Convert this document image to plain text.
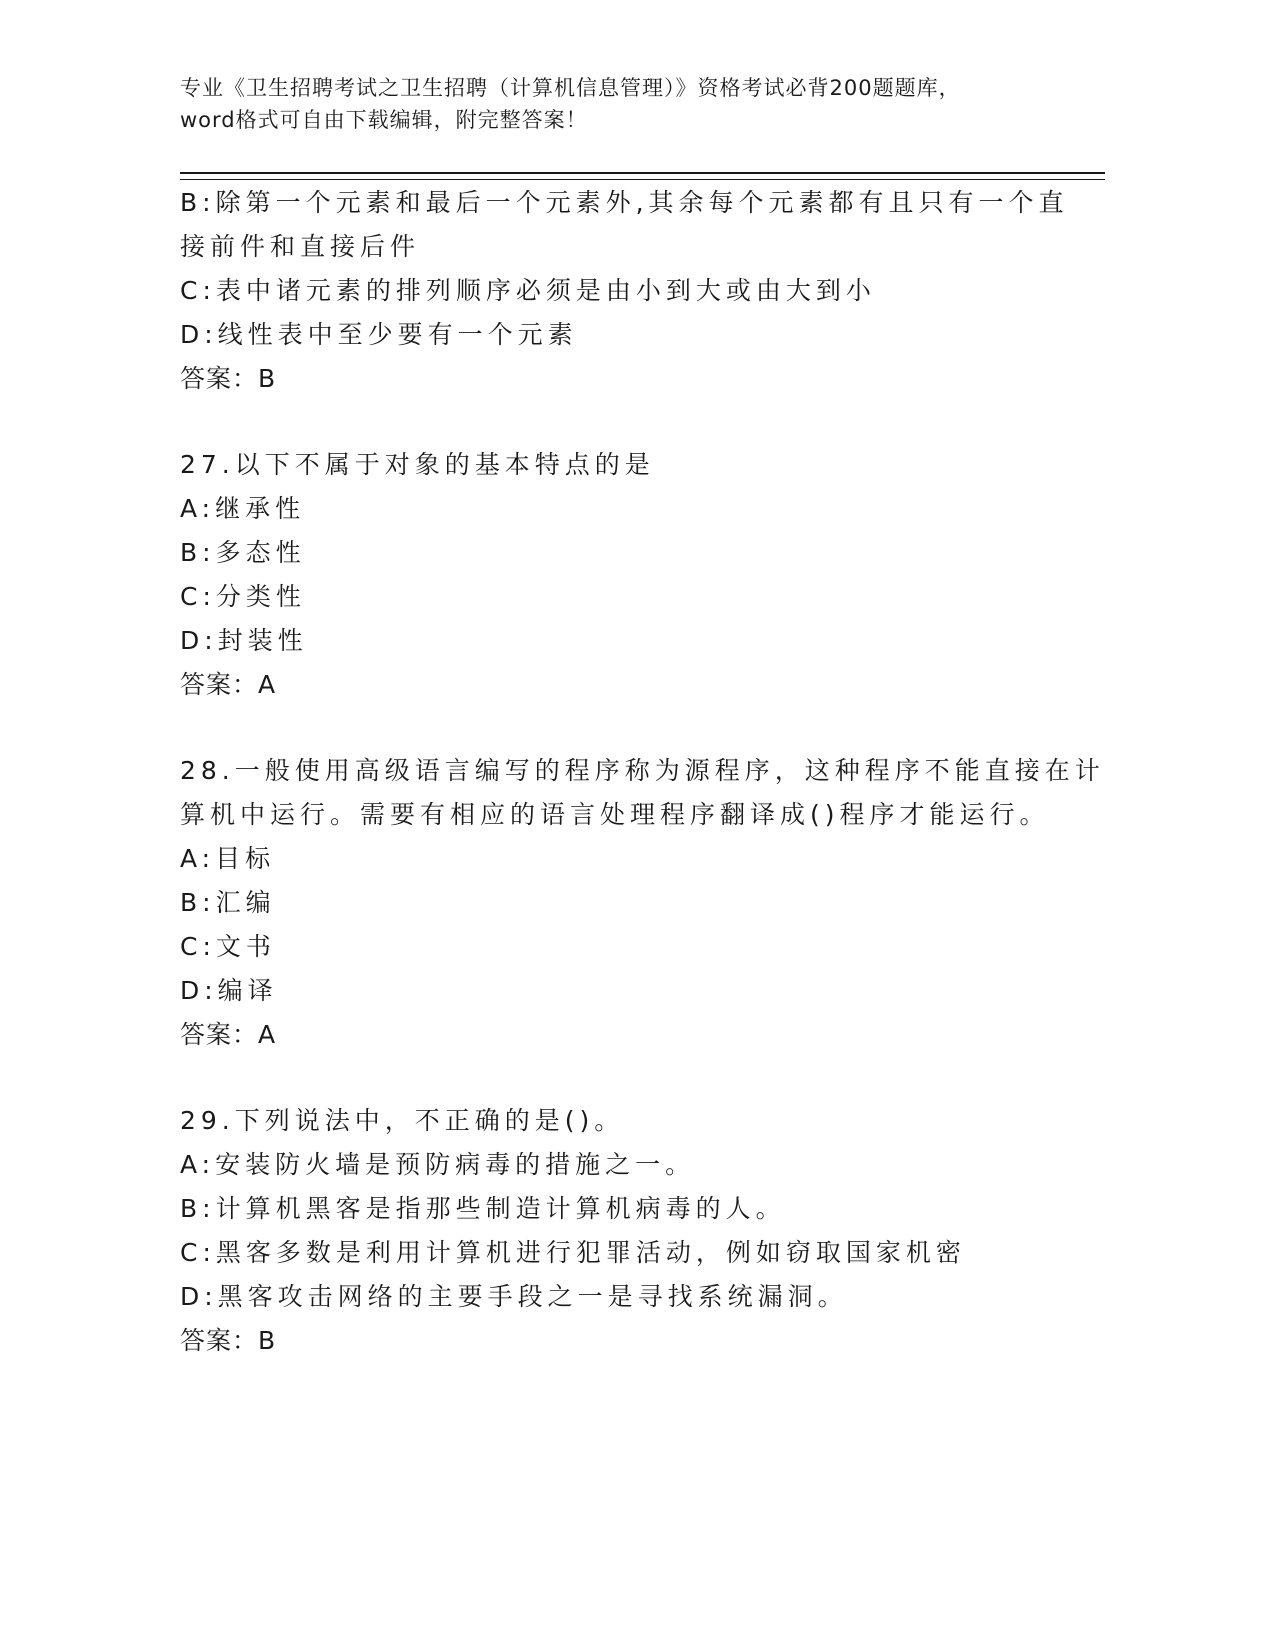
专业《卫生招聘考试之卫生招聘（计算机信息管理）》资格考试必背200题题库，
word格式可自由下载编辑，附完整答案！
B:除第一个元素和最后一个元素外,其余每个元素都有且只有一个直
接前件和直接后件
C:表中诸元素的排列顺序必须是由小到大或由大到小
D:线性表中至少要有一个元素
答案：B
27.以下不属于对象的基本特点的是
A:继承性
B:多态性
C:分类性
D:封装性
答案：A
28.一般使用高级语言编写的程序称为源程序，这种程序不能直接在计
算机中运行。需要有相应的语言处理程序翻译成()程序才能运行。
A:目标
B:汇编
C:文书
D:编译
答案：A
29.下列说法中，不正确的是()。
A:安装防火墙是预防病毒的措施之一。
B:计算机黑客是指那些制造计算机病毒的人。
C:黑客多数是利用计算机进行犯罪活动，例如窃取国家机密
D:黑客攻击网络的主要手段之一是寻找系统漏洞。
答案：B
